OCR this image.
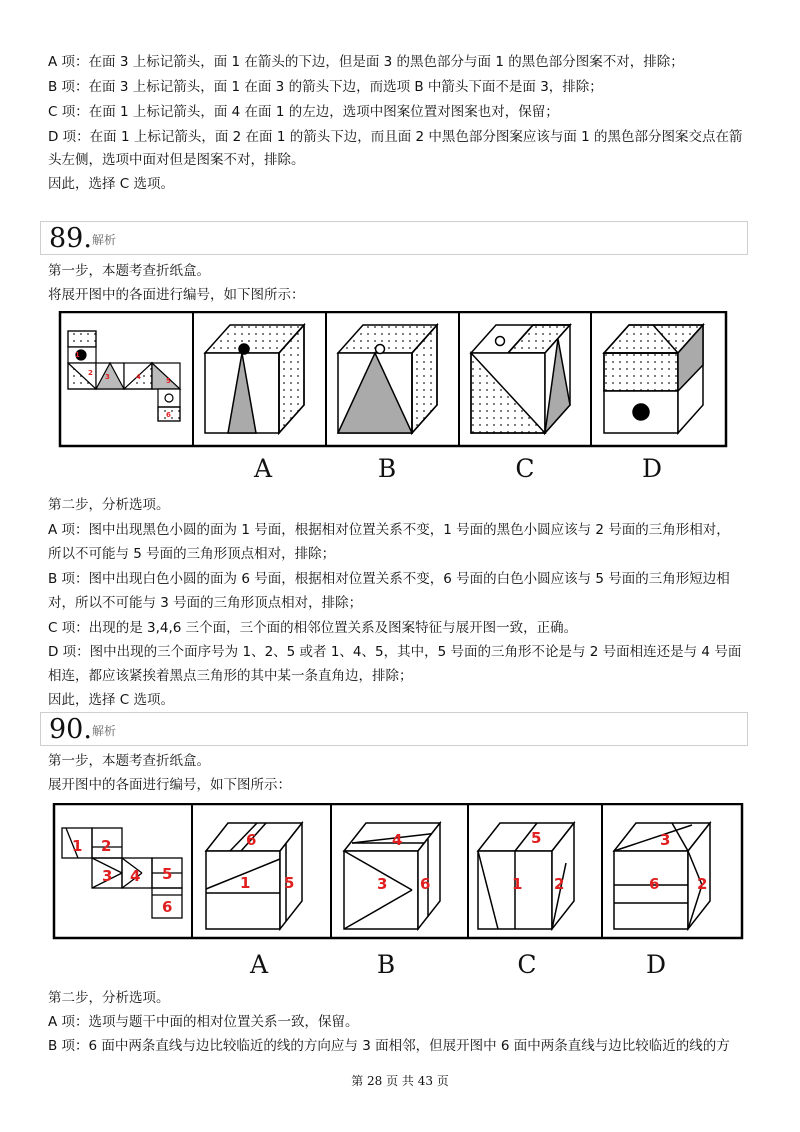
A 项：在面 3 上标记箭头，面 1 在箭头的下边，但是面 3 的黑色部分与面 1 的黑色部分图案不对，排除；
B 项：在面 3 上标记箭头，面 1 在面 3 的箭头下边，而选项 B 中箭头下面不是面 3，排除；
C 项：在面 1 上标记箭头，面 4 在面 1 的左边，选项中图案位置对图案也对，保留；
D 项：在面 1 上标记箭头，面 2 在面 1 的箭头下边，而且面 2 中黑色部分图案应该与面 1 的黑色部分图案交点在箭
头左侧，选项中面对但是图案不对，排除。
因此，选择 C 选项。
89. 解析
第一步，本题考查折纸盒。
将展开图中的各面进行编号，如下图所示：
1
2 3	4	5
6
A	B	C	D
第二步，分析选项。
A 项：图中出现黑色小圆的面为 1 号面，根据相对位置关系不变，1 号面的黑色小圆应该与 2 号面的三角形相对，
所以不可能与 5 号面的三角形顶点相对，排除；
B 项：图中出现白色小圆的面为 6 号面，根据相对位置关系不变，6 号面的白色小圆应该与 5 号面的三角形短边相
对，所以不可能与 3 号面的三角形顶点相对，排除；
C 项：出现的是 3,4,6 三个面，三个面的相邻位置关系及图案特征与展开图一致，正确。
D 项：图中出现的三个面序号为 1、2、5 或者 1、4、5，其中，5 号面的三角形不论是与 2 号面相连还是与 4 号面
相连，都应该紧挨着黑点三角形的其中某一条直角边，排除；
因此，选择 C 选项。
90. 解析
第一步，本题考查折纸盒。
展开图中的各面进行编号，如下图所示：
1 2
3 4 5
6
6
1 5
4
3 6
5
1 2
3
6	2
A	B	C	D
第二步，分析选项。
A 项：选项与题干中面的相对位置关系一致，保留。
B 项：6 面中两条直线与边比较临近的线的方向应与 3 面相邻，但展开图中 6 面中两条直线与边比较临近的线的方
第 28 页 共 43 页
